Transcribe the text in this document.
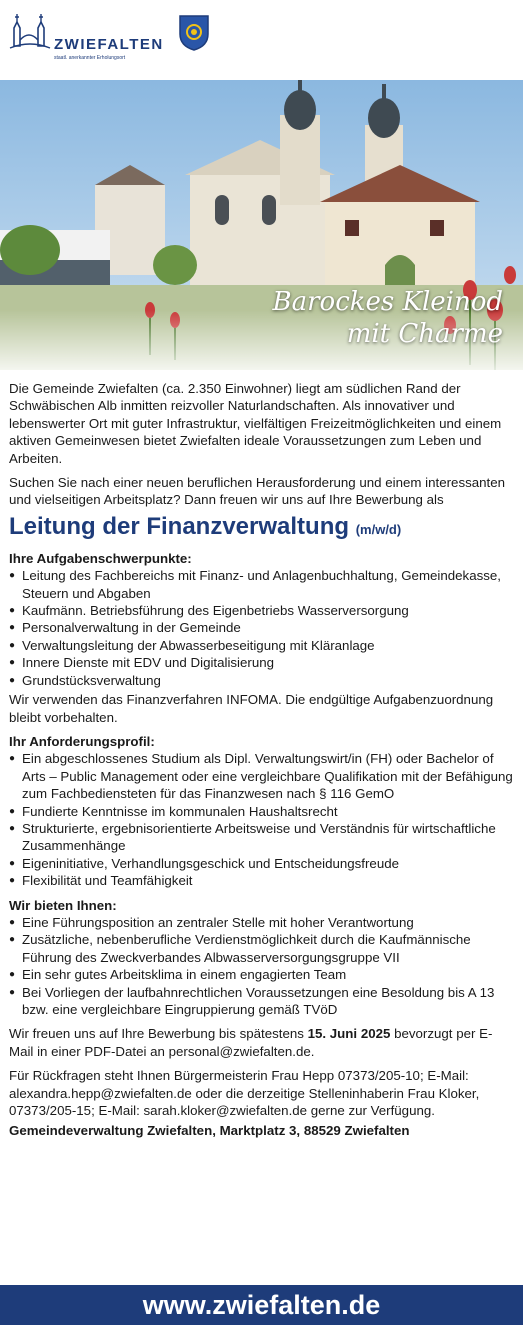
ZWIEFALTEN
staatl. anerkannter Erholungsort
Barockes Kleinod
mit Charme

Die Gemeinde Zwiefalten (ca. 2.350 Einwohner) liegt am südlichen Rand der Schwäbischen Alb inmitten reizvoller Naturlandschaften. Als innovativer und lebenswerter Ort mit guter Infrastruktur, vielfältigen Freizeitmöglichkeiten und einem aktiven Gemeinwesen bietet Zwiefalten ideale Voraussetzungen zum Leben und Arbeiten.

Suchen Sie nach einer neuen beruflichen Herausforderung und einem interessanten und vielseitigen Arbeitsplatz? Dann freuen wir uns auf Ihre Bewerbung als

Leitung der Finanzverwaltung (m/w/d)
Ihre Aufgabenschwerpunkte:
● Leitung des Fachbereichs mit Finanz- und Anlagenbuchhaltung, Gemeindekasse, Steuern und Abgaben
● Kaufmänn. Betriebsführung des Eigenbetriebs Wasserversorgung
● Personalverwaltung in der Gemeinde
● Verwaltungsleitung der Abwasserbeseitigung mit Kläranlage
● Innere Dienste mit EDV und Digitalisierung
● Grundstücksverwaltung

Wir verwenden das Finanzverfahren INFOMA. Die endgültige Aufgabenzuordnung bleibt vorbehalten.

Ihr Anforderungsprofil:
● Ein abgeschlossenes Studium als Dipl. Verwaltungswirt/in (FH) oder Bachelor of Arts – Public Management oder eine vergleichbare Qualifikation mit der Befähigung zum Fachbediensteten für das Finanzwesen nach § 116 GemO
● Fundierte Kenntnisse im kommunalen Haushaltsrecht
● Strukturierte, ergebnisorientierte Arbeitsweise und Verständnis für wirtschaftliche Zusammenhänge
● Eigeninitiative, Verhandlungsgeschick und Entscheidungsfreude
● Flexibilität und Teamfähigkeit
Wir bieten Ihnen:
● Eine Führungsposition an zentraler Stelle mit hoher Verantwortung
● Zusätzliche, nebenberufliche Verdienstmöglichkeit durch die Kaufmännische Führung des Zweckverbandes Albwasserversorgungsgruppe VII
● Ein sehr gutes Arbeitsklima in einem engagierten Team
● Bei Vorliegen der laufbahnrechtlichen Voraussetzungen eine Besoldung bis A 13 bzw. eine vergleichbare Eingruppierung gemäß TVöD

Wir freuen uns auf Ihre Bewerbung bis spätestens 15. Juni 2025 bevorzugt per E-Mail in einer PDF-Datei an personal@zwiefalten.de.

Für Rückfragen steht Ihnen Bürgermeisterin Frau Hepp 07373/205-10; E-Mail: alexandra.hepp@zwiefalten.de oder die derzeitige Stelleninhaberin Frau Kloker, 07373/205-15; E-Mail: sarah.kloker@zwiefalten.de gerne zur Verfügung.

Gemeindeverwaltung Zwiefalten, Marktplatz 3, 88529 Zwiefalten
www.zwiefalten.de
